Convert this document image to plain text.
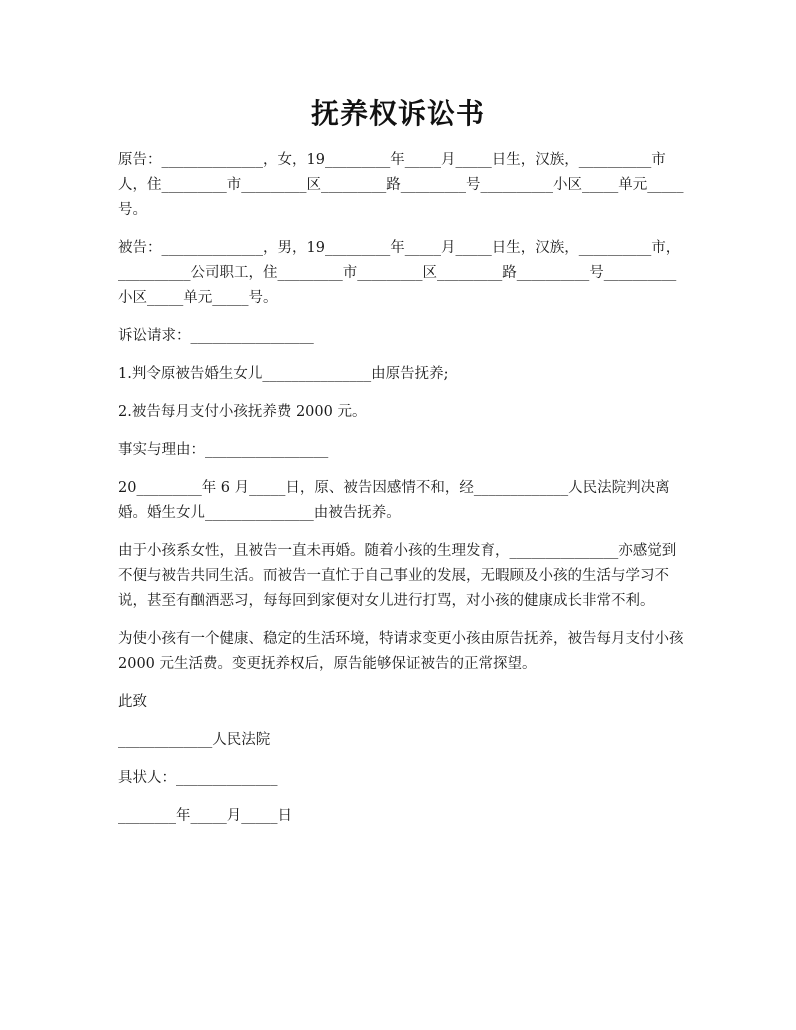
抚养权诉讼书

原告：______________，女，19_________年_____月_____日生，汉族，__________市人，住_________市_________区_________路_________号__________小区_____单元_____号。

被告：______________，男，19_________年_____月_____日生，汉族，__________市，__________公司职工，住_________市_________区_________路__________号__________小区_____单元_____号。

诉讼请求：_________________

1.判令原被告婚生女儿_______________由原告抚养;

2.被告每月支付小孩抚养费 2000 元。

事实与理由：_________________

20_________年 6 月_____日，原、被告因感情不和，经_____________人民法院判决离婚。婚生女儿_______________由被告抚养。

由于小孩系女性，且被告一直未再婚。随着小孩的生理发育，_______________亦感觉到不便与被告共同生活。而被告一直忙于自己事业的发展，无暇顾及小孩的生活与学习不说，甚至有酗酒恶习，每每回到家便对女儿进行打骂，对小孩的健康成长非常不利。

为使小孩有一个健康、稳定的生活环境，特请求变更小孩由原告抚养，被告每月支付小孩 2000 元生活费。变更抚养权后，原告能够保证被告的正常探望。

此致

_____________人民法院

具状人：______________

________年_____月_____日
